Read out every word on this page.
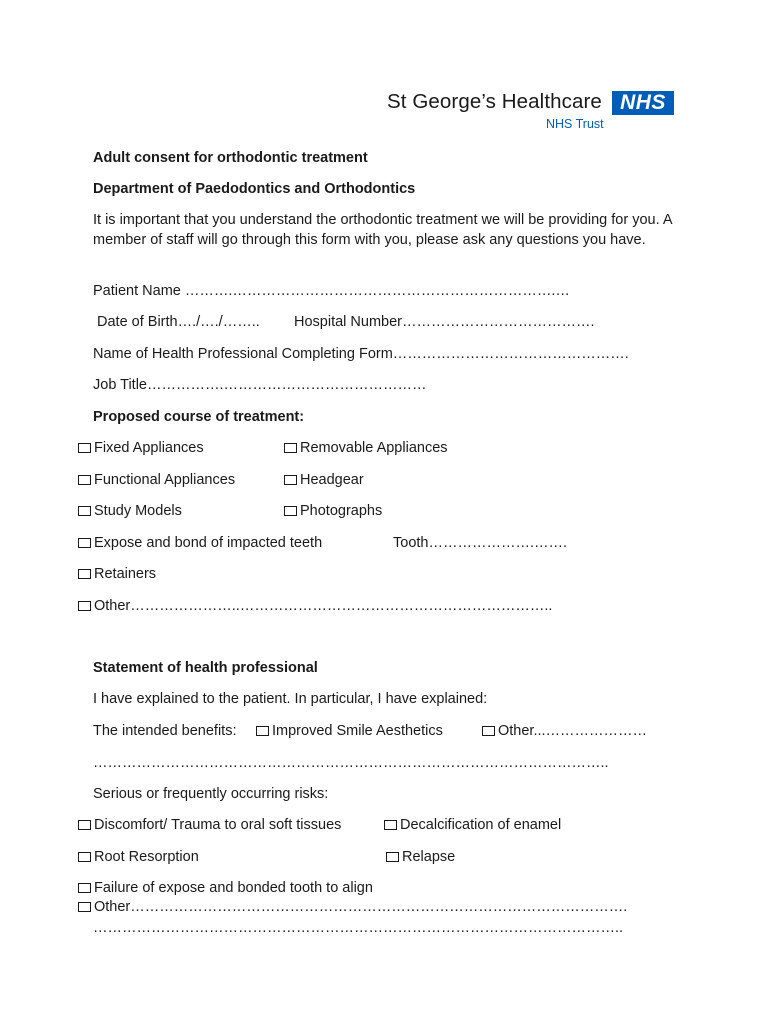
St George’s Healthcare NHS
NHS Trust
Adult consent for orthodontic treatment
Department of Paedodontics and Orthodontics
It is important that you understand the orthodontic treatment we will be providing for you. A member of staff will go through this form with you, please ask any questions you have.
Patient Name ……….………………………………………………………….…
Date of Birth…./…./…….. Hospital Number………………………………….
Name of Health Professional Completing Form………………………………………….
Job Title…………….……………………………………
Proposed course of treatment:
Fixed Appliances	Removable Appliances
Functional Appliances	Headgear
Study Models	Photographs
Expose and bond of impacted teeth	Tooth………………….…….
Retainers
Other…………………..………………………………………………………..
Statement of health professional
I have explained to the patient. In particular, I have explained:
The intended benefits:	Improved Smile Aesthetics	Other...…………………
……………………………………………………………………………………………..
Serious or frequently occurring risks:
Discomfort/ Trauma to oral soft tissues	Decalcification of enamel
Root Resorption	Relapse
Failure of expose and bonded tooth to align
Other………………………………………………………………………………………….
………………………………………………………………………………………………..
